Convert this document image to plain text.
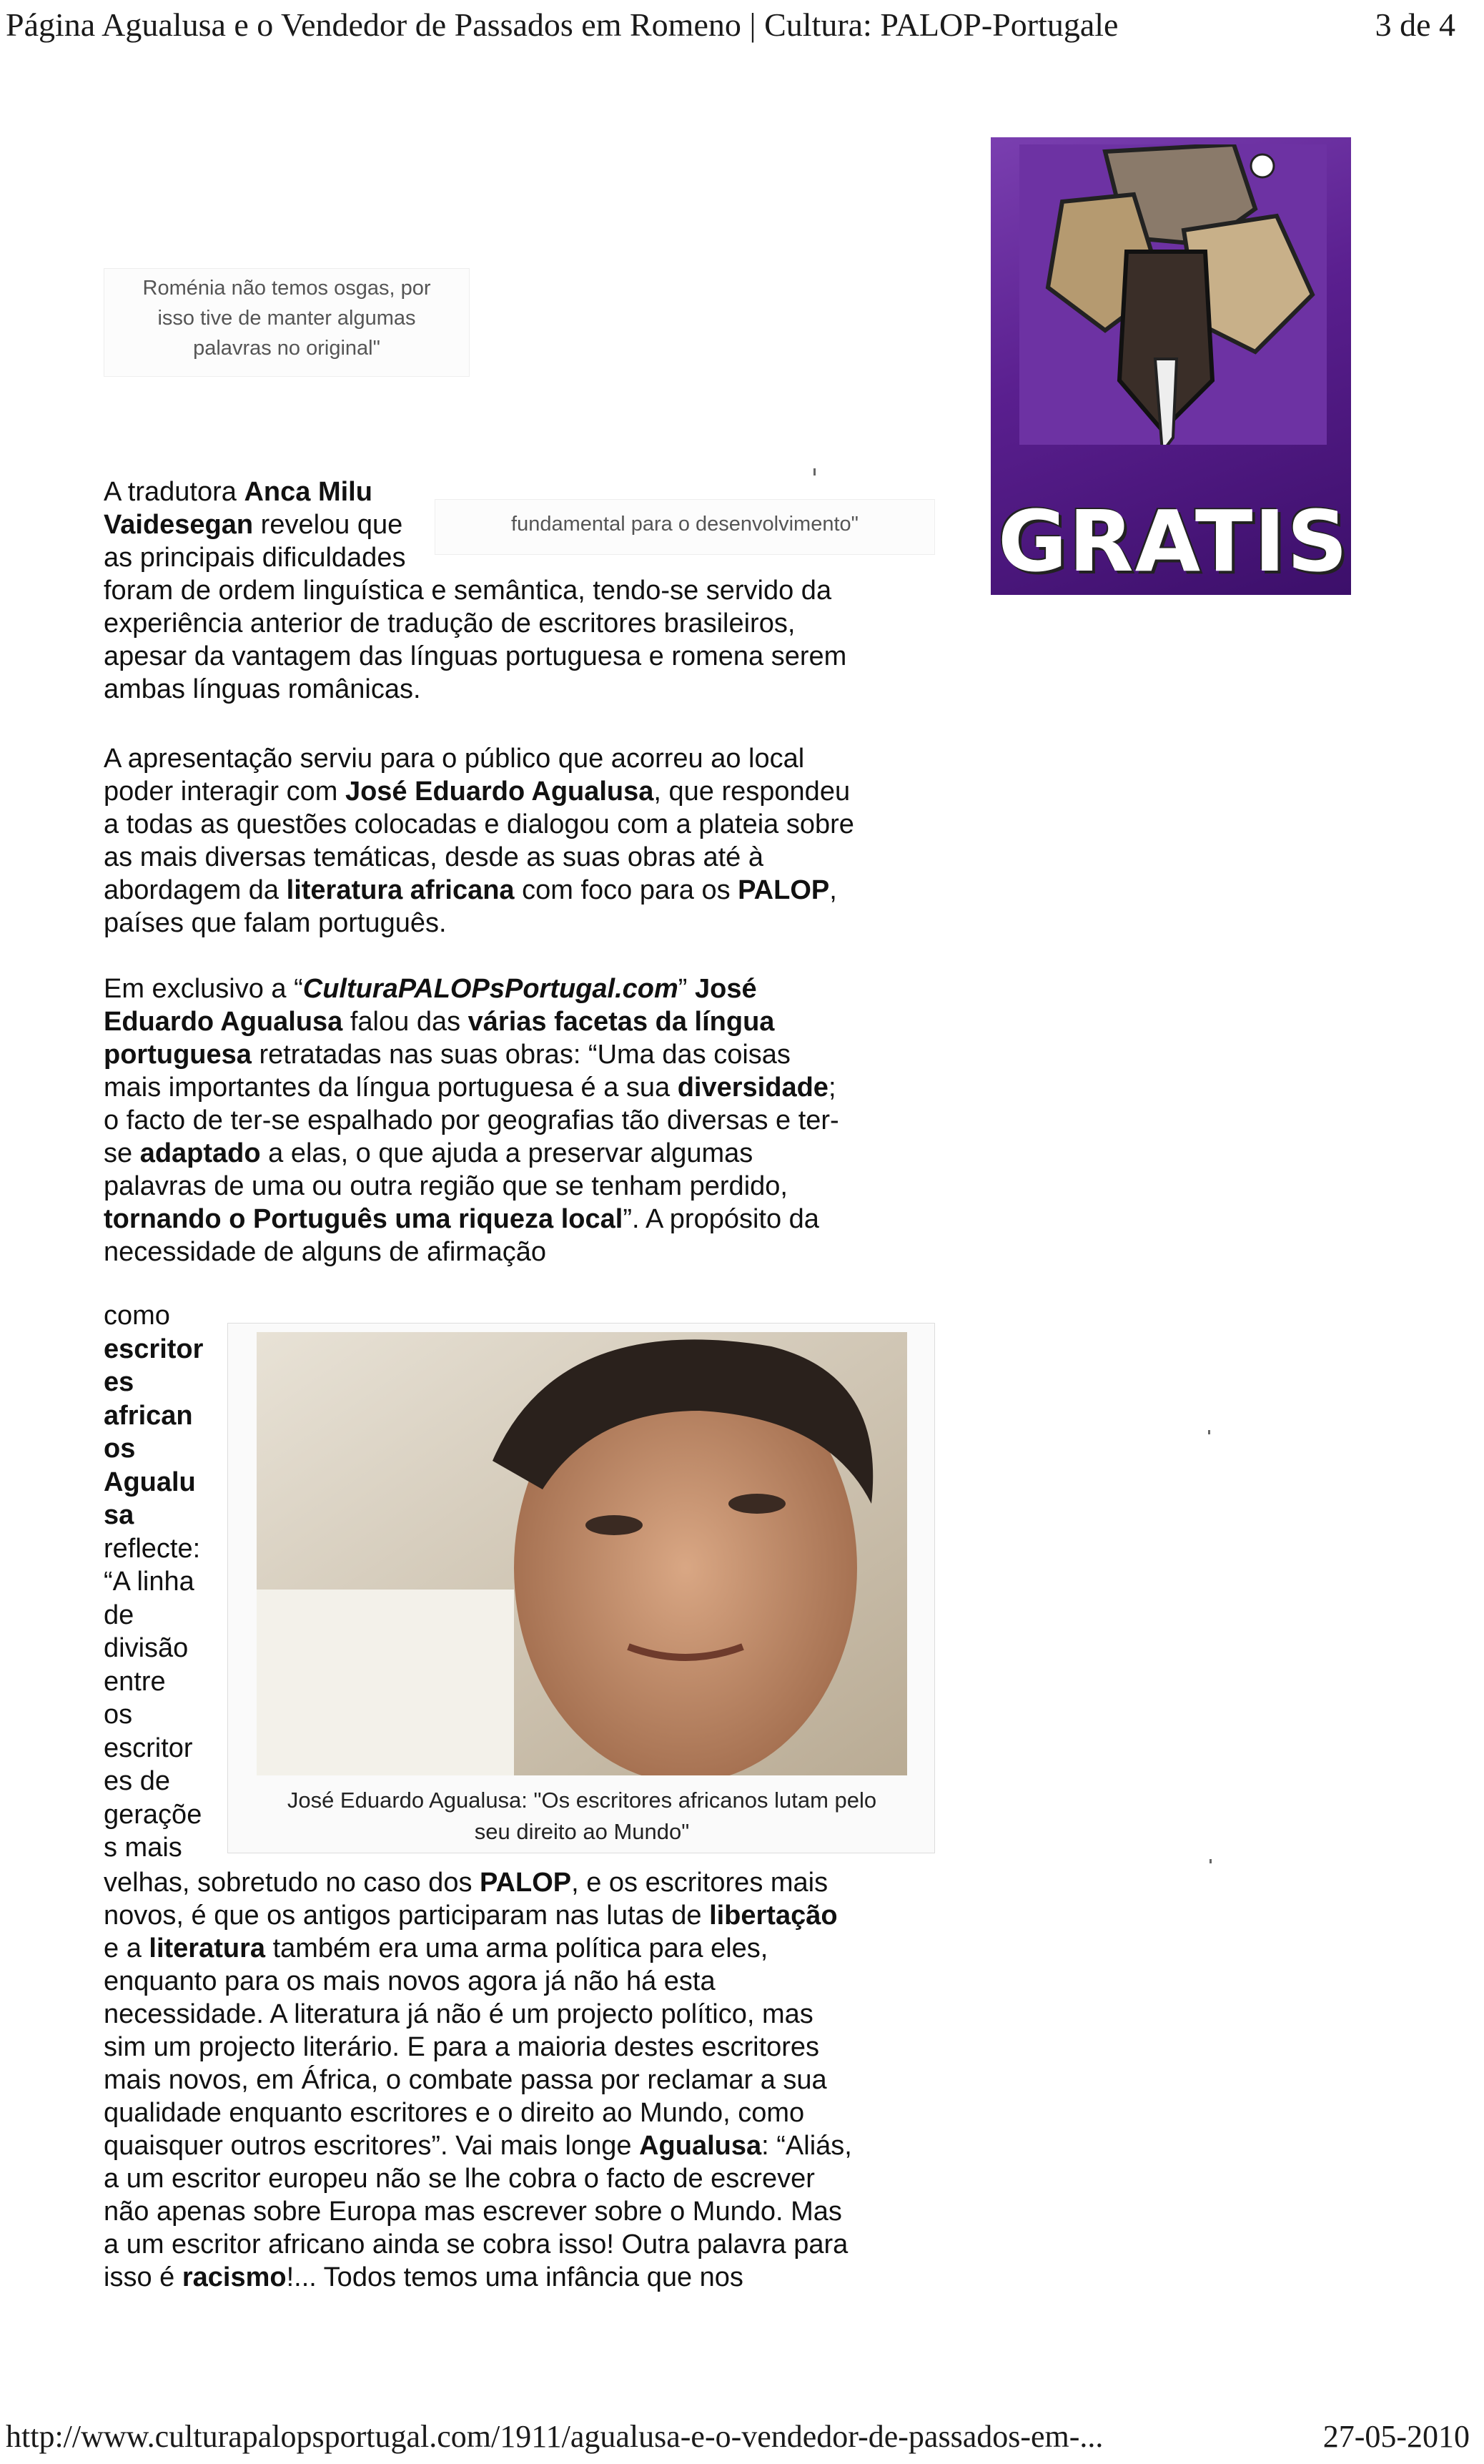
Página Agualusa e o Vendedor de Passados em Romeno | Cultura: PALOP-Portugale	3 de 4
Roménia não temos osgas, por
isso tive de manter algumas
palavras no original"
fundamental para o desenvolvimento"	GRATIS
A tradutora Anca Milu
Vaidesegan revelou que
as principais dificuldades
foram de ordem linguística e semântica, tendo-se servido da
experiência anterior de tradução de escritores brasileiros,
apesar da vantagem das línguas portuguesa e romena serem
ambas línguas românicas.
A apresentação serviu para o público que acorreu ao local
poder interagir com José Eduardo Agualusa, que respondeu
a todas as questões colocadas e dialogou com a plateia sobre
as mais diversas temáticas, desde as suas obras até à
abordagem da literatura africana com foco para os PALOP,
países que falam português.
Em exclusivo a “CulturaPALOPsPortugal.com” José
Eduardo Agualusa falou das várias facetas da língua
portuguesa retratadas nas suas obras: “Uma das coisas
mais importantes da língua portuguesa é a sua diversidade;
o facto de ter-se espalhado por geografias tão diversas e ter-
se adaptado a elas, o que ajuda a preservar algumas
palavras de uma ou outra região que se tenham perdido,
tornando o Português uma riqueza local”. A propósito da
necessidade de alguns de afirmação
como
escritor
es
african
os
Agualu
sa
reflecte:
“A linha
de
divisão
entre
os
escritor
es de
geraçõe
s mais
José Eduardo Agualusa: "Os escritores africanos lutam pelo
seu direito ao Mundo"
velhas, sobretudo no caso dos PALOP, e os escritores mais
novos, é que os antigos participaram nas lutas de libertação
e a literatura também era uma arma política para eles,
enquanto para os mais novos agora já não há esta
necessidade. A literatura já não é um projecto político, mas
sim um projecto literário. E para a maioria destes escritores
mais novos, em África, o combate passa por reclamar a sua
qualidade enquanto escritores e o direito ao Mundo, como
quaisquer outros escritores”. Vai mais longe Agualusa: “Aliás,
a um escritor europeu não se lhe cobra o facto de escrever
não apenas sobre Europa mas escrever sobre o Mundo. Mas
a um escritor africano ainda se cobra isso! Outra palavra para
isso é racismo!... Todos temos uma infância que nos
http://www.culturapalopsportugal.com/1911/agualusa-e-o-vendedor-de-passados-em-...	27-05-2010
